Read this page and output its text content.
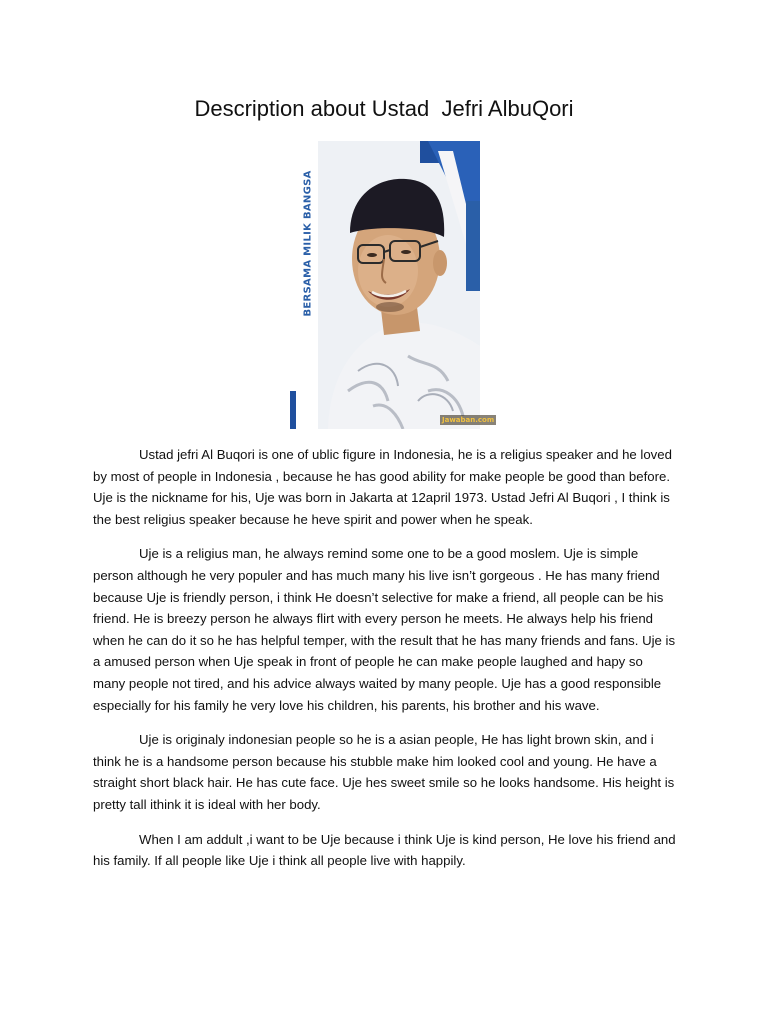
Description about Ustad  Jefri AlbuQori
BERSAMA MILIK BANGSA
Jawaban.com

Ustad jefri Al Buqori is one of ublic figure in Indonesia, he is a religius speaker and he loved by most of people in Indonesia , because he has good ability for make people be good than before. Uje is the nickname for his, Uje was born in Jakarta at 12april 1973. Ustad Jefri Al Buqori , I think is the best religius speaker because he heve spirit and power when he speak.

Uje is a religius man, he always remind some one to be a good moslem. Uje is simple person although he very populer and has much many his live isn’t gorgeous . He has many friend because Uje is friendly person, i think He doesn’t selective for make a friend, all people can be his friend. He is breezy person he always flirt with every person he meets. He always help his friend when he can do it so he has helpful temper, with the result that he has many friends and fans. Uje is a amused person when Uje speak in front of people he can make people laughed and hapy so many people not tired, and his advice always waited by many people. Uje has a good responsible especially for his family he very love his children, his parents, his brother and his wave.

Uje is originaly indonesian people so he is a asian people, He has light brown skin, and i think he is a handsome person because his stubble make him looked cool and young. He have a straight short black hair. He has cute face. Uje hes sweet smile so he looks handsome. His height is pretty tall ithink it is ideal with her body.

When I am addult ,i want to be Uje because i think Uje is kind person, He love his friend and his family. If all people like Uje i think all people live with happily.
